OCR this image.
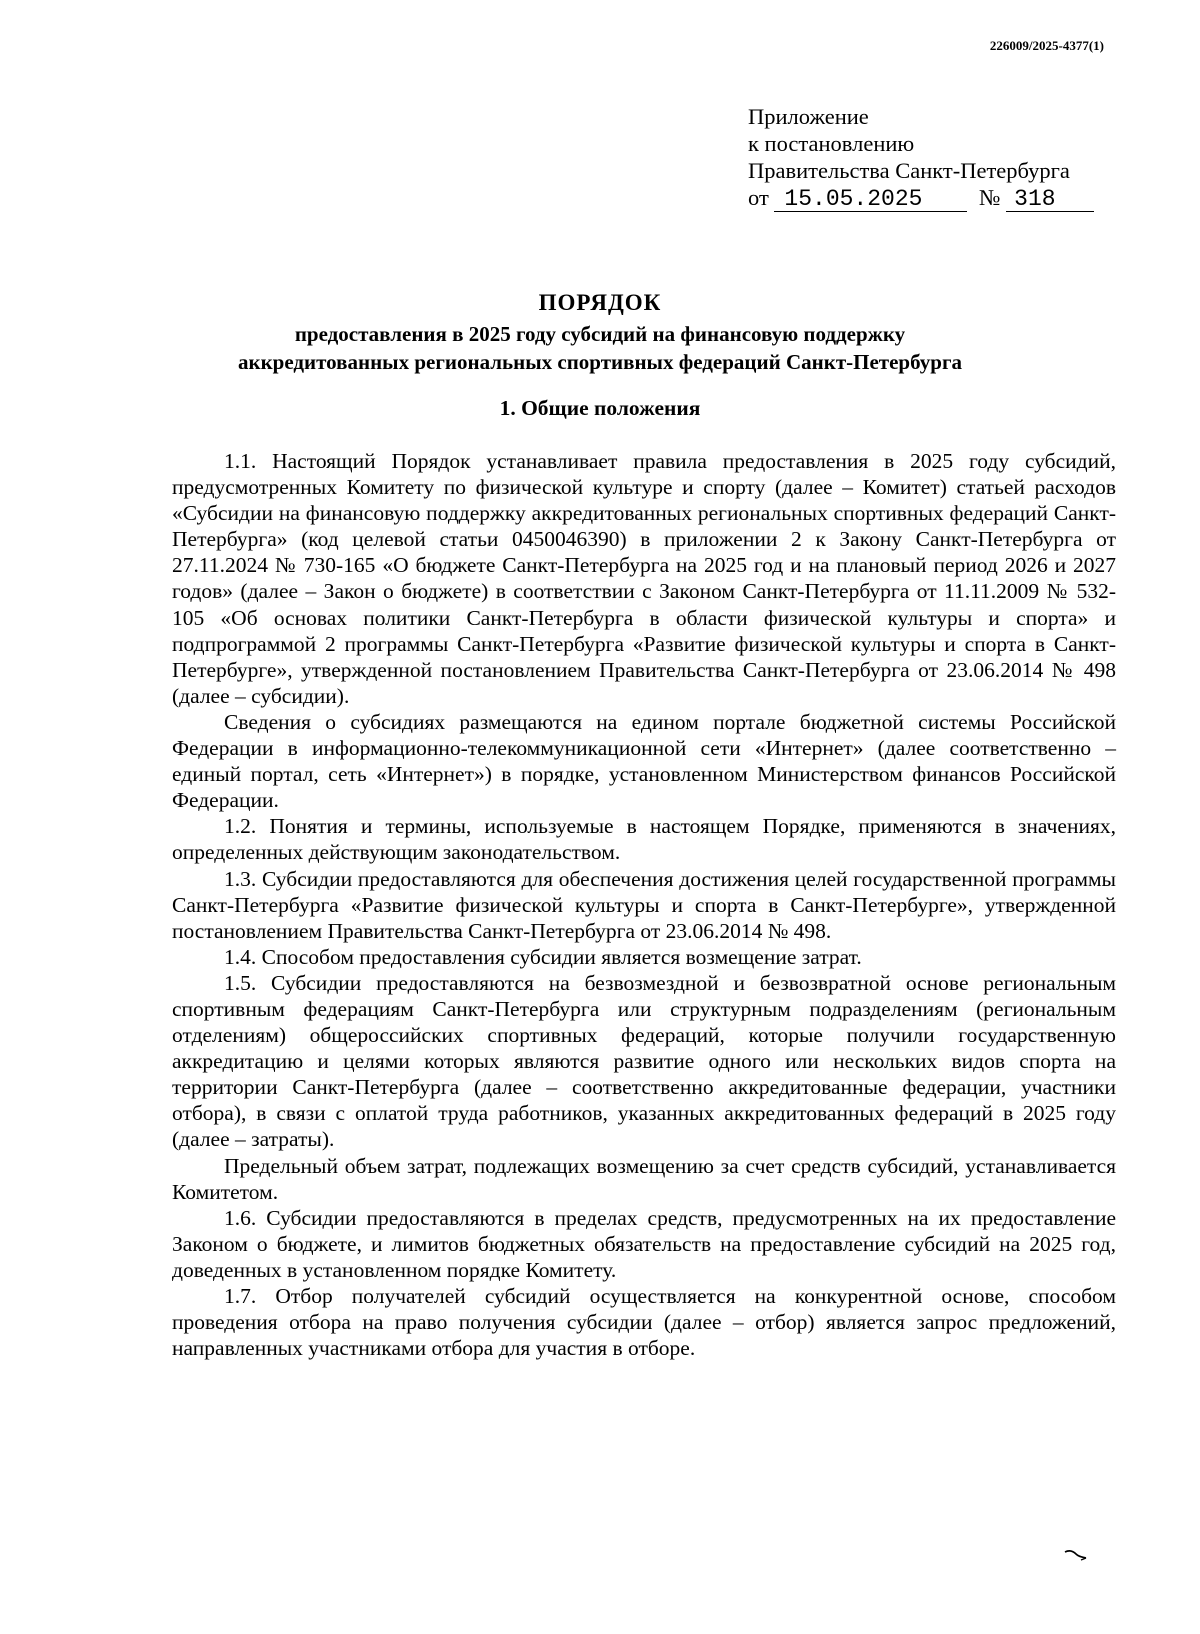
226009/2025-4377(1)
Приложение
к постановлению
Правительства Санкт-Петербурга
от 15.05.2025	№ 318
ПОРЯДОК
предоставления в 2025 году субсидий на финансовую поддержку
аккредитованных региональных спортивных федераций Санкт-Петербурга
1. Общие положения

1.1. Настоящий Порядок устанавливает правила предоставления в 2025 году субсидий, предусмотренных Комитету по физической культуре и спорту (далее – Комитет) статьей расходов «Субсидии на финансовую поддержку аккредитованных региональных спортивных федераций Санкт-Петербурга» (код целевой статьи 0450046390) в приложении 2 к Закону Санкт-Петербурга от 27.11.2024 № 730-165 «О бюджете Санкт-Петербурга на 2025 год и на плановый период 2026 и 2027 годов» (далее – Закон о бюджете) в соответствии с Законом Санкт-Петербурга от 11.11.2009 № 532-105 «Об основах политики Санкт-Петербурга в области физической культуры и спорта» и подпрограммой 2 программы Санкт-Петербурга «Развитие физической культуры и спорта в Санкт-Петербурге», утвержденной постановлением Правительства Санкт-Петербурга от 23.06.2014 № 498 (далее – субсидии).

Сведения о субсидиях размещаются на едином портале бюджетной системы Российской Федерации в информационно-телекоммуникационной сети «Интернет» (далее соответственно – единый портал, сеть «Интернет») в порядке, установленном Министерством финансов Российской Федерации.

1.2. Понятия и термины, используемые в настоящем Порядке, применяются в значениях, определенных действующим законодательством.

1.3. Субсидии предоставляются для обеспечения достижения целей государственной программы Санкт-Петербурга «Развитие физической культуры и спорта в Санкт-Петербурге», утвержденной постановлением Правительства Санкт-Петербурга от 23.06.2014 № 498.

1.4. Способом предоставления субсидии является возмещение затрат.

1.5. Субсидии предоставляются на безвозмездной и безвозвратной основе региональным спортивным федерациям Санкт-Петербурга или структурным подразделениям (региональным отделениям) общероссийских спортивных федераций, которые получили государственную аккредитацию и целями которых являются развитие одного или нескольких видов спорта на территории Санкт-Петербурга (далее – соответственно аккредитованные федерации, участники отбора), в связи с оплатой труда работников, указанных аккредитованных федераций в 2025 году (далее – затраты).

Предельный объем затрат, подлежащих возмещению за счет средств субсидий, устанавливается Комитетом.

1.6. Субсидии предоставляются в пределах средств, предусмотренных на их предоставление Законом о бюджете, и лимитов бюджетных обязательств на предоставление субсидий на 2025 год, доведенных в установленном порядке Комитету.

1.7. Отбор получателей субсидий осуществляется на конкурентной основе, способом проведения отбора на право получения субсидии (далее – отбор) является запрос предложений, направленных участниками отбора для участия в отборе.
